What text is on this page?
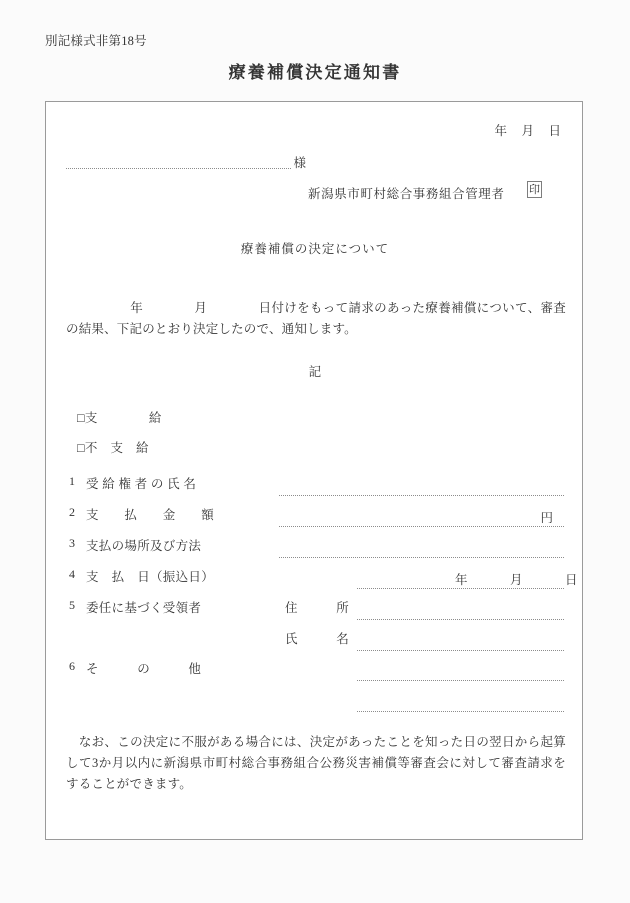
別記様式非第18号
療養補償決定通知書
年　月　日
様
新潟県市町村総合事務組合管理者 印
療養補償の決定について
　　　　　年　　　　月　　　　日付けをもって請求のあった療養補償について、審査の結果、下記のとおり決定したので、通知します。
記
□支　　　　給
□不　支　給
1 受 給 権 者 の 氏 名
2 支　　払　　金　　額	円
3 支払の場所及び方法
4 支　払　日（振込日）	年	月	日
5 委任に基づく受領者	住　　　所
氏　　　名
6 そ　　　の　　　他
　なお、この決定に不服がある場合には、決定があったことを知った日の翌日から起算して3か月以内に新潟県市町村総合事務組合公務災害補償等審査会に対して審査請求をすることができます。
